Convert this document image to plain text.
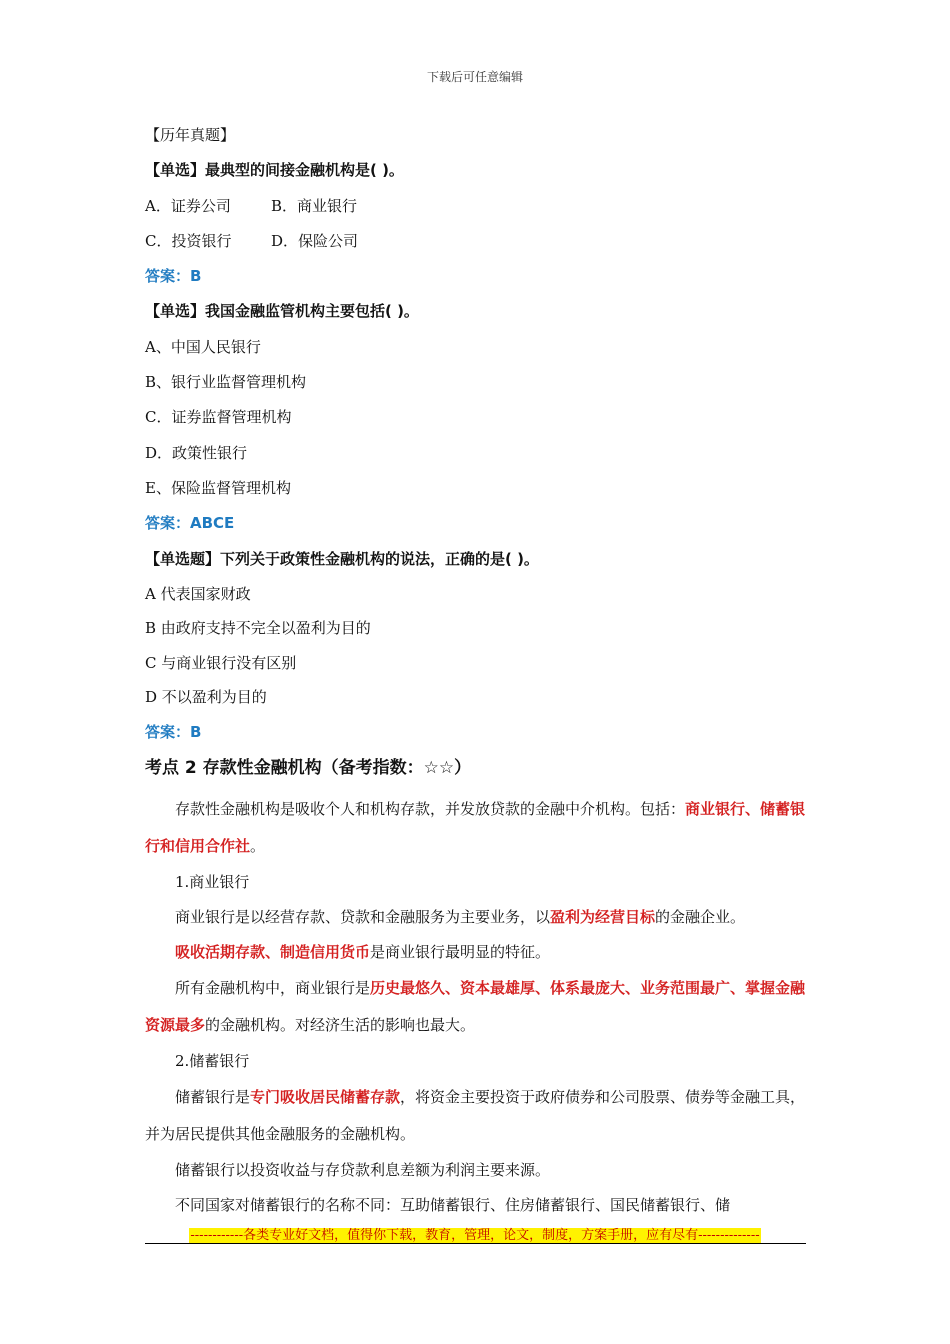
下载后可任意编辑
【历年真题】
【单选】最典型的间接金融机构是( )。
A．证券公司	B．商业银行
C．投资银行	D．保险公司
答案：B
【单选】我国金融监管机构主要包括( )。
A、中国人民银行
B、银行业监督管理机构
C．证券监督管理机构
D．政策性银行
E、保险监督管理机构
答案：ABCE
【单选题】下列关于政策性金融机构的说法，正确的是( )。
A 代表国家财政
B 由政府支持不完全以盈利为目的
C 与商业银行没有区别
D 不以盈利为目的
答案：B
考点 2 存款性金融机构（备考指数：☆☆）
存款性金融机构是吸收个人和机构存款，并发放贷款的金融中介机构。包括：商业银行、储蓄银行和信用合作社。
1.商业银行
商业银行是以经营存款、贷款和金融服务为主要业务，以盈利为经营目标的金融企业。
吸收活期存款、制造信用货币是商业银行最明显的特征。
所有金融机构中，商业银行是历史最悠久、资本最雄厚、体系最庞大、业务范围最广、掌握金融资源最多的金融机构。对经济生活的影响也最大。
2.储蓄银行
储蓄银行是专门吸收居民储蓄存款，将资金主要投资于政府债券和公司股票、债券等金融工具，并为居民提供其他金融服务的金融机构。
储蓄银行以投资收益与存贷款利息差额为利润主要来源。
不同国家对储蓄银行的名称不同：互助储蓄银行、住房储蓄银行、国民储蓄银行、储
------------各类专业好文档，值得你下载，教育，管理，论文，制度，方案手册，应有尽有--------------
